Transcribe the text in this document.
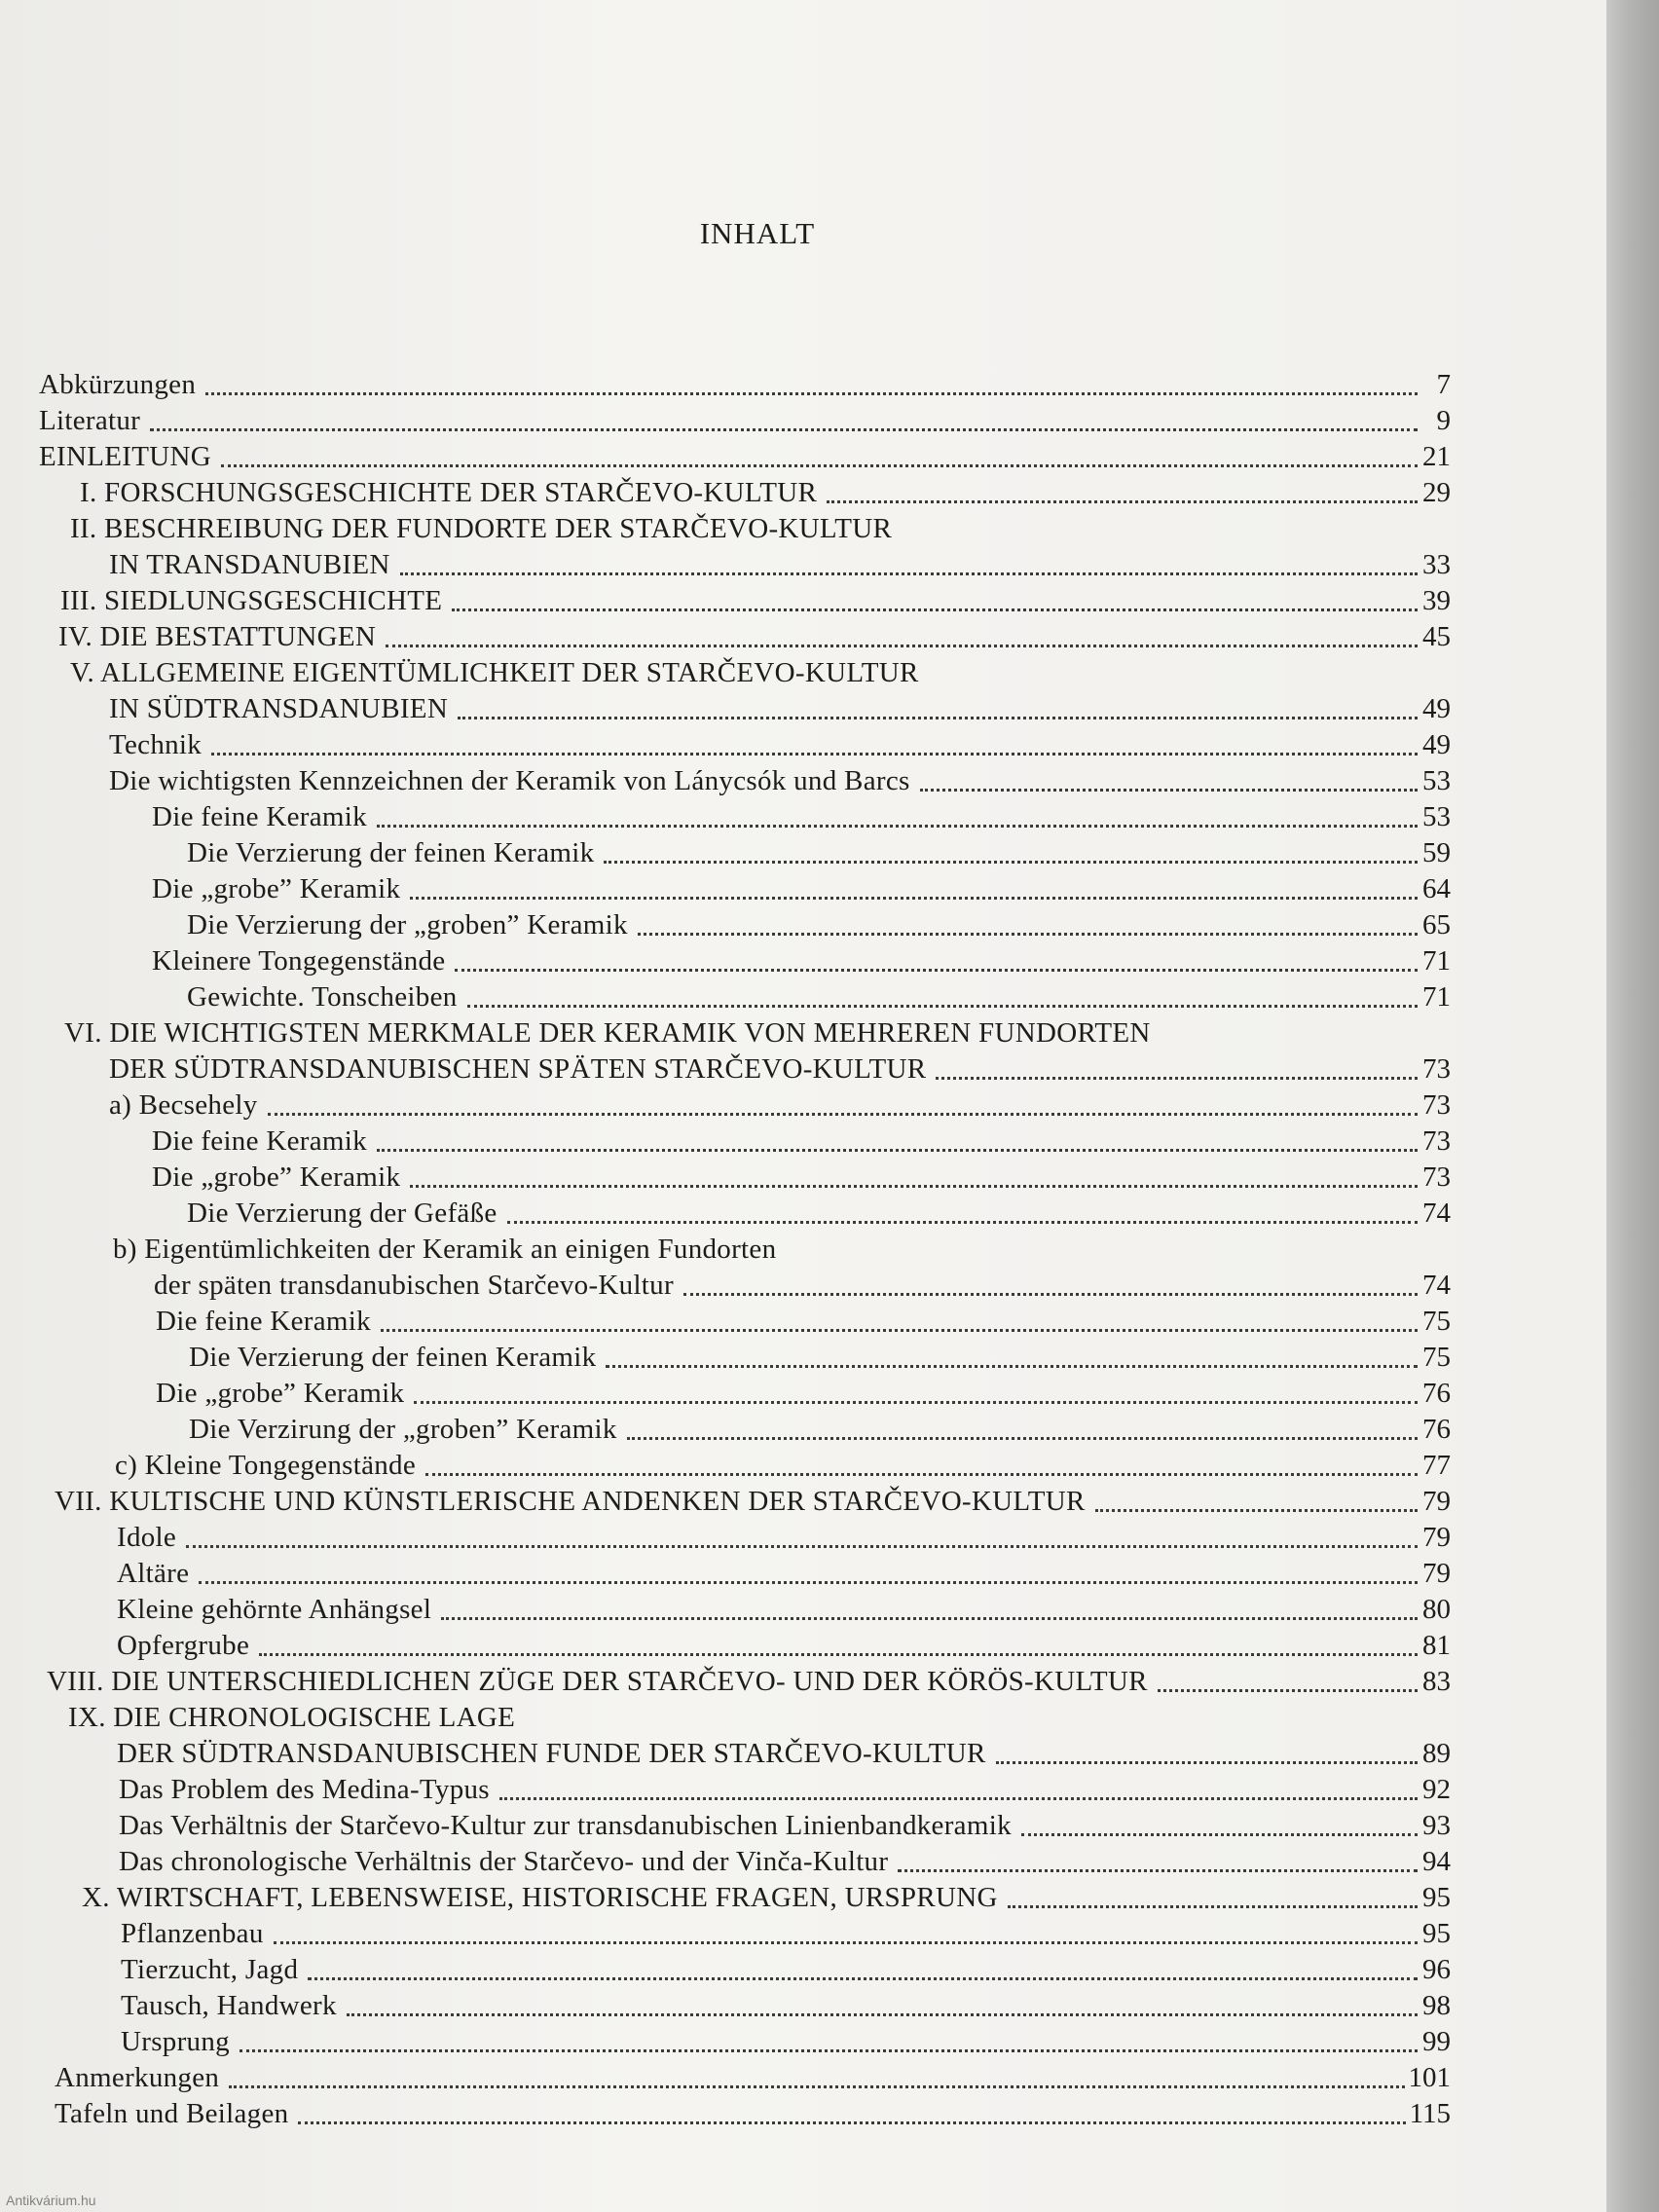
INHALT
Abkürzungen	7
Literatur	9
EINLEITUNG	21
I. FORSCHUNGSGESCHICHTE DER STARČEVO-KULTUR	29
II. BESCHREIBUNG DER FUNDORTE DER STARČEVO-KULTUR
IN TRANSDANUBIEN	33
III. SIEDLUNGSGESCHICHTE	39
IV. DIE BESTATTUNGEN	45
V. ALLGEMEINE EIGENTÜMLICHKEIT DER STARČEVO-KULTUR
IN SÜDTRANSDANUBIEN	49
Technik	49
Die wichtigsten Kennzeichnen der Keramik von Lánycsók und Barcs	53
Die feine Keramik	53
Die Verzierung der feinen Keramik	59
Die „grobe” Keramik	64
Die Verzierung der „groben” Keramik	65
Kleinere Tongegenstände	71
Gewichte. Tonscheiben	71
VI. DIE WICHTIGSTEN MERKMALE DER KERAMIK VON MEHREREN FUNDORTEN
DER SÜDTRANSDANUBISCHEN SPÄTEN STARČEVO-KULTUR	73
a) Becsehely	73
Die feine Keramik	73
Die „grobe” Keramik	73
Die Verzierung der Gefäße	74
b) Eigentümlichkeiten der Keramik an einigen Fundorten
der späten transdanubischen Starčevo-Kultur	74
Die feine Keramik	75
Die Verzierung der feinen Keramik	75
Die „grobe” Keramik	76
Die Verzirung der „groben” Keramik	76
c) Kleine Tongegenstände	77
VII. KULTISCHE UND KÜNSTLERISCHE ANDENKEN DER STARČEVO-KULTUR	79
Idole	79
Altäre	79
Kleine gehörnte Anhängsel	80
Opfergrube	81
VIII. DIE UNTERSCHIEDLICHEN ZÜGE DER STARČEVO- UND DER KÖRÖS-KULTUR	83
IX. DIE CHRONOLOGISCHE LAGE
DER SÜDTRANSDANUBISCHEN FUNDE DER STARČEVO-KULTUR	89
Das Problem des Medina-Typus	92
Das Verhältnis der Starčevo-Kultur zur transdanubischen Linienbandkeramik	93
Das chronologische Verhältnis der Starčevo- und der Vinča-Kultur	94
X. WIRTSCHAFT, LEBENSWEISE, HISTORISCHE FRAGEN, URSPRUNG	95
Pflanzenbau	95
Tierzucht, Jagd	96
Tausch, Handwerk	98
Ursprung	99
Anmerkungen	101
Tafeln und Beilagen	115
Antikvárium.hu
